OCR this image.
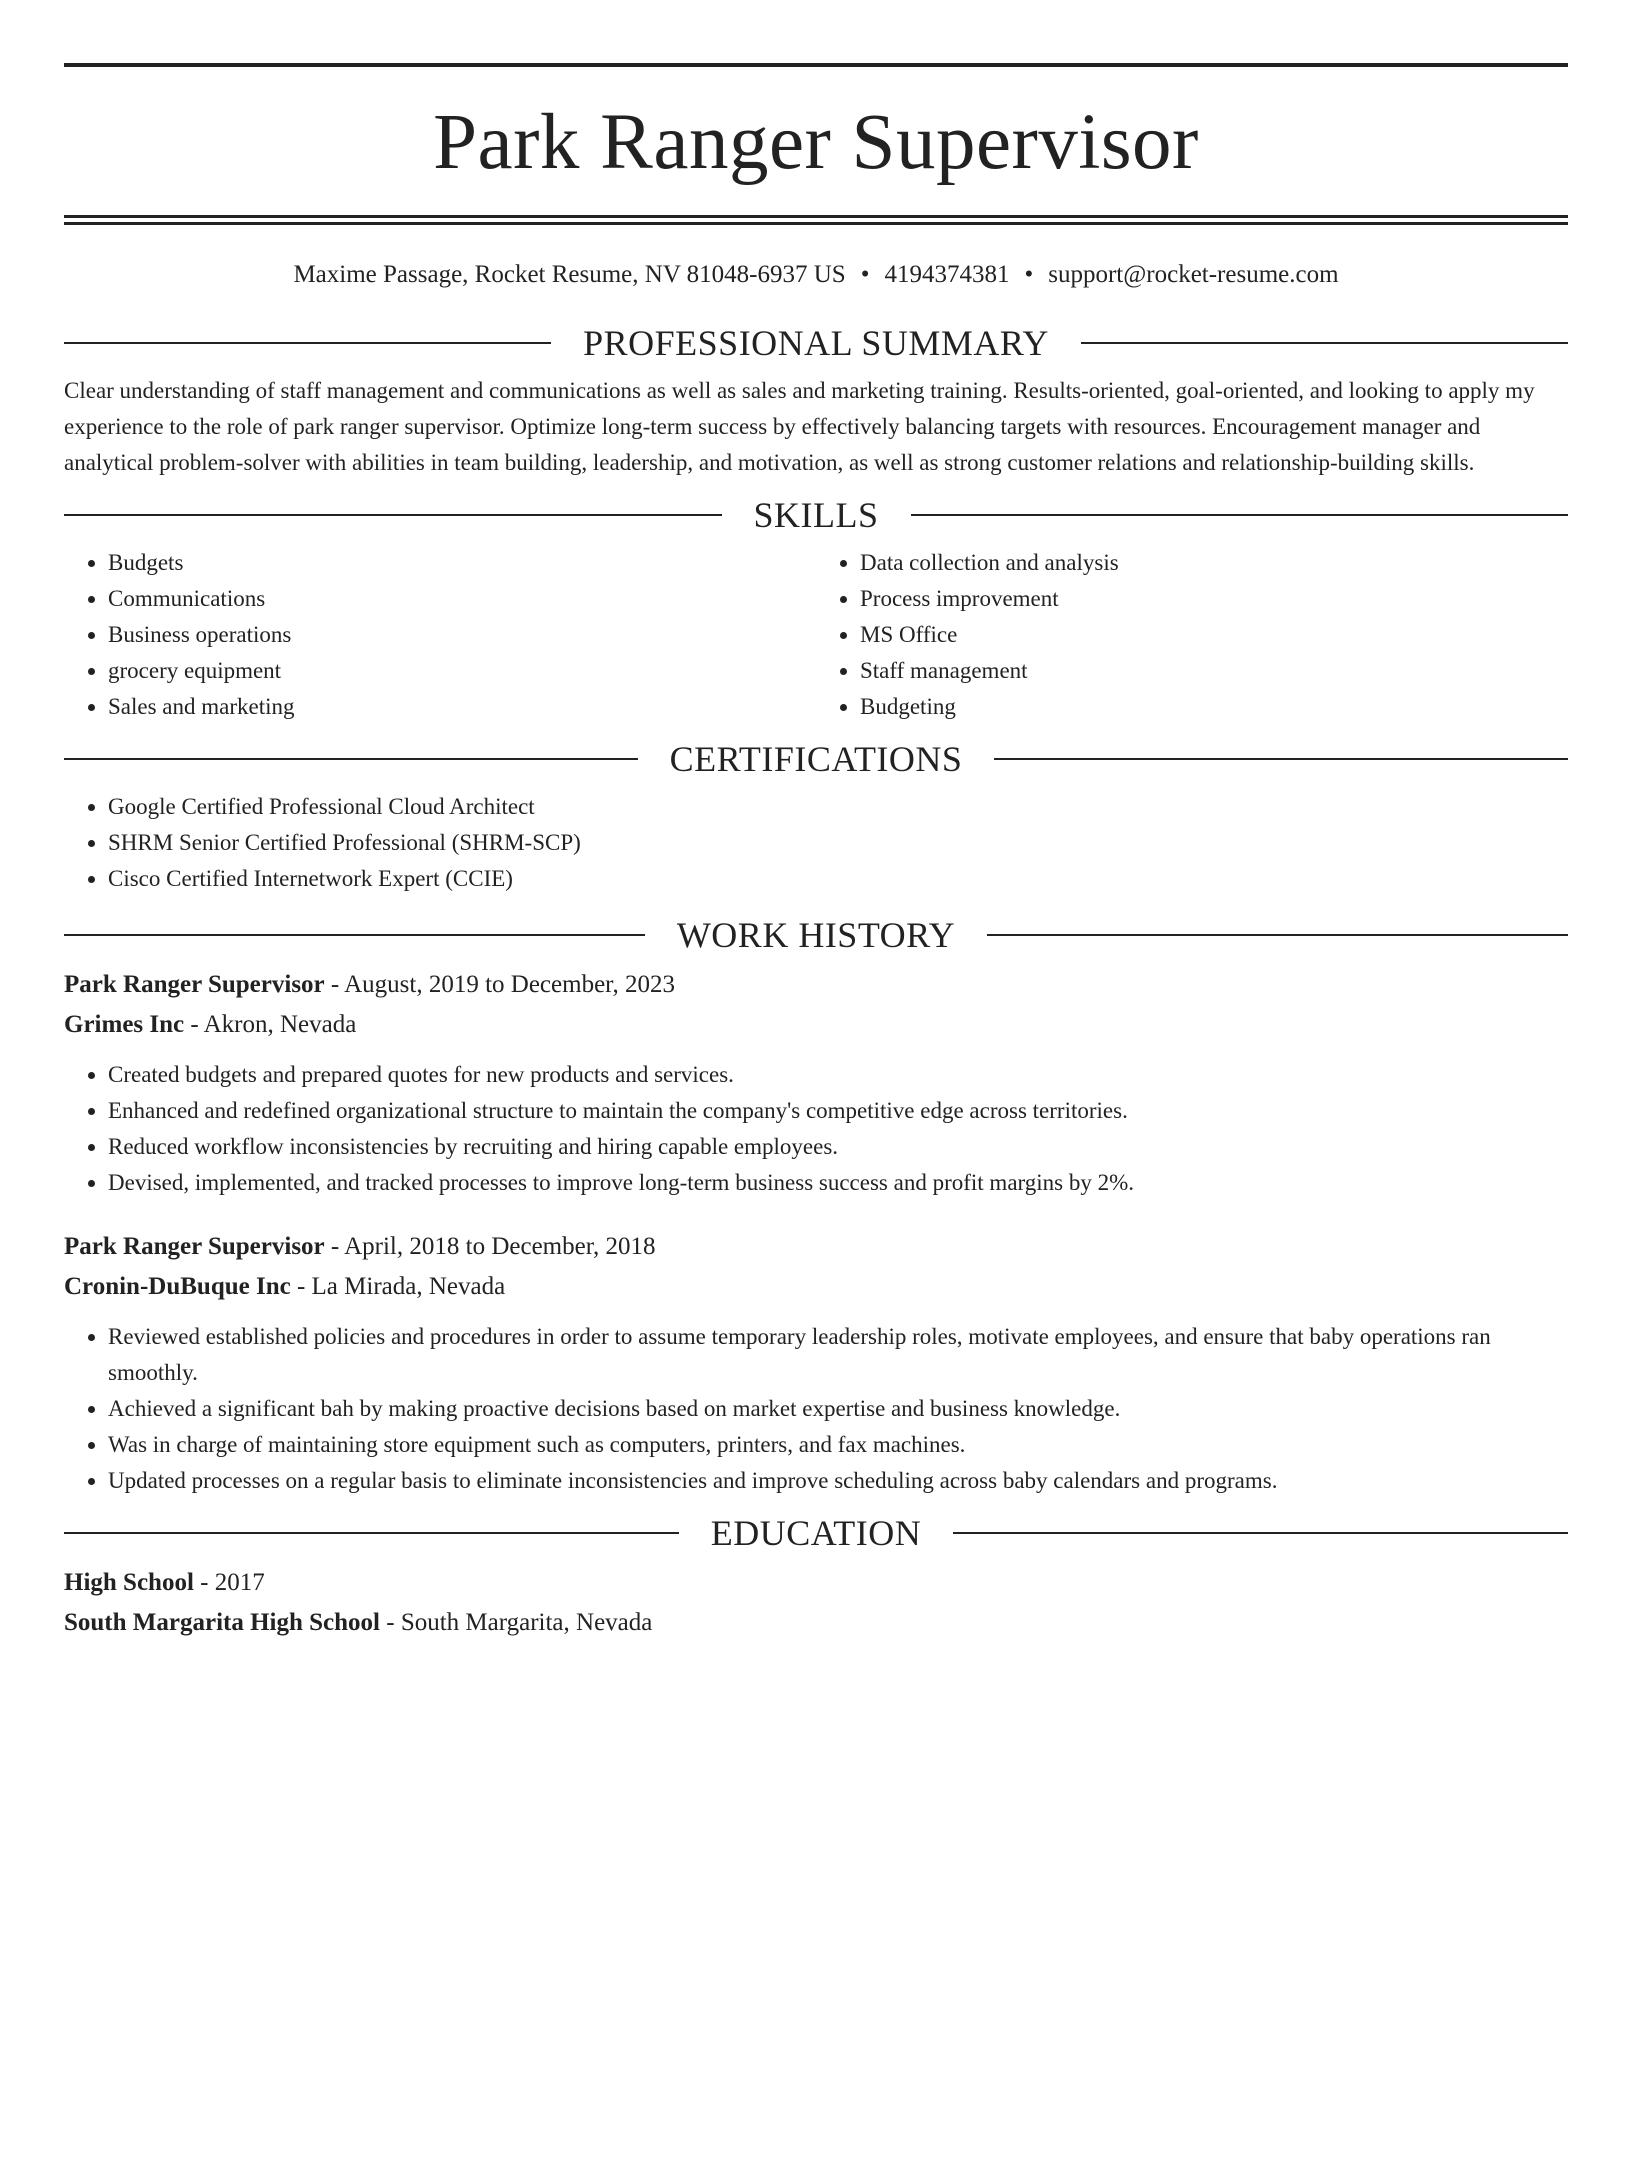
Park Ranger Supervisor
Maxime Passage, Rocket Resume, NV 81048-6937 US • 4194374381 • support@rocket-resume.com
PROFESSIONAL SUMMARY

Clear understanding of staff management and communications as well as sales and marketing training. Results-oriented, goal-oriented, and looking to apply my experience to the role of park ranger supervisor. Optimize long-term success by effectively balancing targets with resources. Encouragement manager and analytical problem-solver with abilities in team building, leadership, and motivation, as well as strong customer relations and relationship-building skills.

SKILLS
• Budgets
• Communications
• Business operations
• grocery equipment
• Sales and marketing
• Data collection and analysis
• Process improvement
• MS Office
• Staff management
• Budgeting
CERTIFICATIONS
• Google Certified Professional Cloud Architect
• SHRM Senior Certified Professional (SHRM-SCP)
• Cisco Certified Internetwork Expert (CCIE)
WORK HISTORY
Park Ranger Supervisor - August, 2019 to December, 2023
Grimes Inc - Akron, Nevada
• Created budgets and prepared quotes for new products and services.
• Enhanced and redefined organizational structure to maintain the company's competitive edge across territories.
• Reduced workflow inconsistencies by recruiting and hiring capable employees.
• Devised, implemented, and tracked processes to improve long-term business success and profit margins by 2%.
Park Ranger Supervisor - April, 2018 to December, 2018
Cronin-DuBuque Inc - La Mirada, Nevada
• Reviewed established policies and procedures in order to assume temporary leadership roles, motivate employees, and ensure that baby operations ran smoothly.
• Achieved a significant bah by making proactive decisions based on market expertise and business knowledge.
• Was in charge of maintaining store equipment such as computers, printers, and fax machines.
• Updated processes on a regular basis to eliminate inconsistencies and improve scheduling across baby calendars and programs.
EDUCATION
High School - 2017
South Margarita High School - South Margarita, Nevada
